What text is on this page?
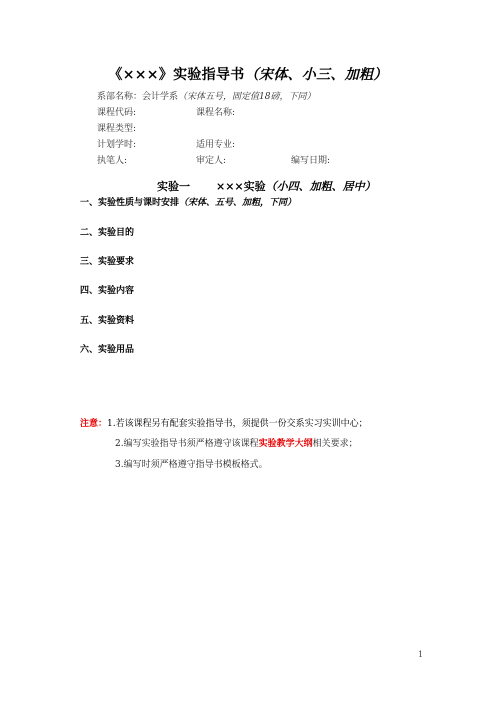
《×××》实验指导书（宋体、小三、加粗）
系部名称：会计学系（宋体五号，固定值18磅，下同）
课程代码:	课程名称:
课程类型:
计划学时:	适用专业:
执笔人:	审定人:	编写日期:
实验一 ×××实验（小四、加粗、居中）
一、实验性质与课时安排（宋体、五号、加粗，下同）
二、实验目的
三、实验要求
四、实验内容
五、实验资料
六、实验用品
注意：1.若该课程另有配套实验指导书，须提供一份交系实习实训中心；
2.编写实验指导书须严格遵守该课程实验教学大纲相关要求；
3.编写时须严格遵守指导书模板格式。
1
